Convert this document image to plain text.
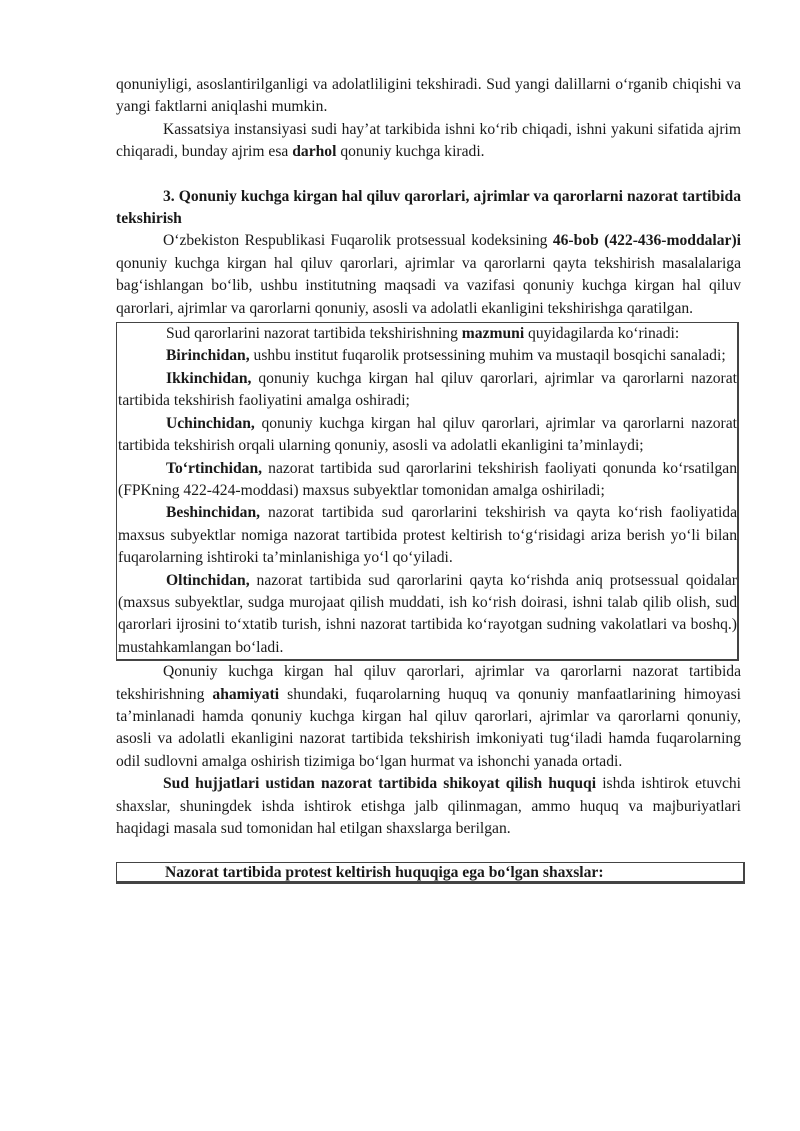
qonuniyligi, asoslantirilganligi va adolatliligini tekshiradi. Sud yangi dalillarni o‘rganib chiqishi va yangi faktlarni aniqlashi mumkin.

Kassatsiya instansiyasi sudi hay’at tarkibida ishni ko‘rib chiqadi, ishni yakuni sifatida ajrim chiqaradi, bunday ajrim esa darhol qonuniy kuchga kiradi.

3. Qonuniy kuchga kirgan hal qiluv qarorlari, ajrimlar va qarorlarni nazorat tartibida tekshirish

O‘zbekiston Respublikasi Fuqarolik protsessual kodeksining 46-bob (422-436-moddalar)i qonuniy kuchga kirgan hal qiluv qarorlari, ajrimlar va qarorlarni qayta tekshirish masalalariga bag‘ishlangan bo‘lib, ushbu institutning maqsadi va vazifasi qonuniy kuchga kirgan hal qiluv qarorlari, ajrimlar va qarorlarni qonuniy, asosli va adolatli ekanligini tekshirishga qaratilgan.

Sud qarorlarini nazorat tartibida tekshirishning mazmuni quyidagilarda ko‘rinadi:

Birinchidan, ushbu institut fuqarolik protsessining muhim va mustaqil bosqichi sanaladi;

Ikkinchidan, qonuniy kuchga kirgan hal qiluv qarorlari, ajrimlar va qarorlarni nazorat tartibida tekshirish faoliyatini amalga oshiradi;

Uchinchidan, qonuniy kuchga kirgan hal qiluv qarorlari, ajrimlar va qarorlarni nazorat tartibida tekshirish orqali ularning qonuniy, asosli va adolatli ekanligini ta’minlaydi;

To‘rtinchidan, nazorat tartibida sud qarorlarini tekshirish faoliyati qonunda ko‘rsatilgan (FPKning 422-424-moddasi) maxsus subyektlar tomonidan amalga oshiriladi;

Beshinchidan, nazorat tartibida sud qarorlarini tekshirish va qayta ko‘rish faoliyatida maxsus subyektlar nomiga nazorat tartibida protest keltirish to‘g‘risidagi ariza berish yo‘li bilan fuqarolarning ishtiroki ta’minlanishiga yo‘l qo‘yiladi.

Oltinchidan, nazorat tartibida sud qarorlarini qayta ko‘rishda aniq protsessual qoidalar (maxsus subyektlar, sudga murojaat qilish muddati, ish ko‘rish doirasi, ishni talab qilib olish, sud qarorlari ijrosini to‘xtatib turish, ishni nazorat tartibida ko‘rayotgan sudning vakolatlari va boshq.) mustahkamlangan bo‘ladi.

Qonuniy kuchga kirgan hal qiluv qarorlari, ajrimlar va qarorlarni nazorat tartibida tekshirishning ahamiyati shundaki, fuqarolarning huquq va qonuniy manfaatlarining himoyasi ta’minlanadi hamda qonuniy kuchga kirgan hal qiluv qarorlari, ajrimlar va qarorlarni qonuniy, asosli va adolatli ekanligini nazorat tartibida tekshirish imkoniyati tug‘iladi hamda fuqarolarning odil sudlovni amalga oshirish tizimiga bo‘lgan hurmat va ishonchi yanada ortadi.

Sud hujjatlari ustidan nazorat tartibida shikoyat qilish huquqi ishda ishtirok etuvchi shaxslar, shuningdek ishda ishtirok etishga jalb qilinmagan, ammo huquq va majburiyatlari haqidagi masala sud tomonidan hal etilgan shaxslarga berilgan.

Nazorat tartibida protest keltirish huquqiga ega bo‘lgan shaxslar:
